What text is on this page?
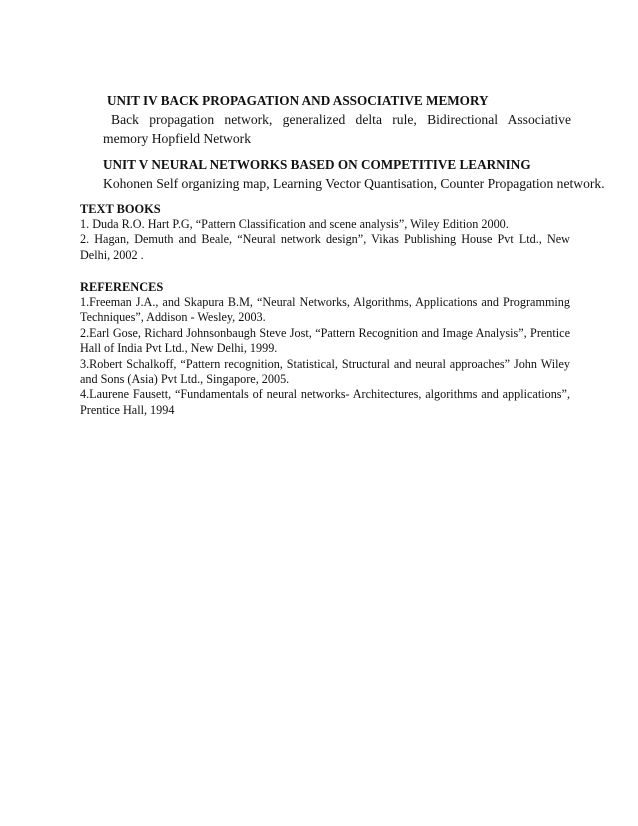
UNIT IV BACK PROPAGATION AND ASSOCIATIVE MEMORY
Back propagation network, generalized delta rule, Bidirectional Associative memory Hopfield Network
UNIT V NEURAL NETWORKS BASED ON COMPETITIVE LEARNING
Kohonen Self organizing map, Learning Vector Quantisation, Counter Propagation network.
TEXT BOOKS
1. Duda R.O. Hart P.G, “Pattern Classification and scene analysis”, Wiley Edition 2000.
2. Hagan, Demuth and Beale, “Neural network design”, Vikas Publishing House Pvt Ltd., New Delhi, 2002 .
REFERENCES
1.Freeman J.A., and Skapura B.M, “Neural Networks, Algorithms, Applications and Programming Techniques”, Addison - Wesley, 2003.
2.Earl Gose, Richard Johnsonbaugh Steve Jost, “Pattern Recognition and Image Analysis”, Prentice Hall of India Pvt Ltd., New Delhi, 1999.
3.Robert Schalkoff, “Pattern recognition, Statistical, Structural and neural approaches” John Wiley and Sons (Asia) Pvt Ltd., Singapore, 2005.
4.Laurene Fausett, “Fundamentals of neural networks- Architectures, algorithms and applications”, Prentice Hall, 1994
